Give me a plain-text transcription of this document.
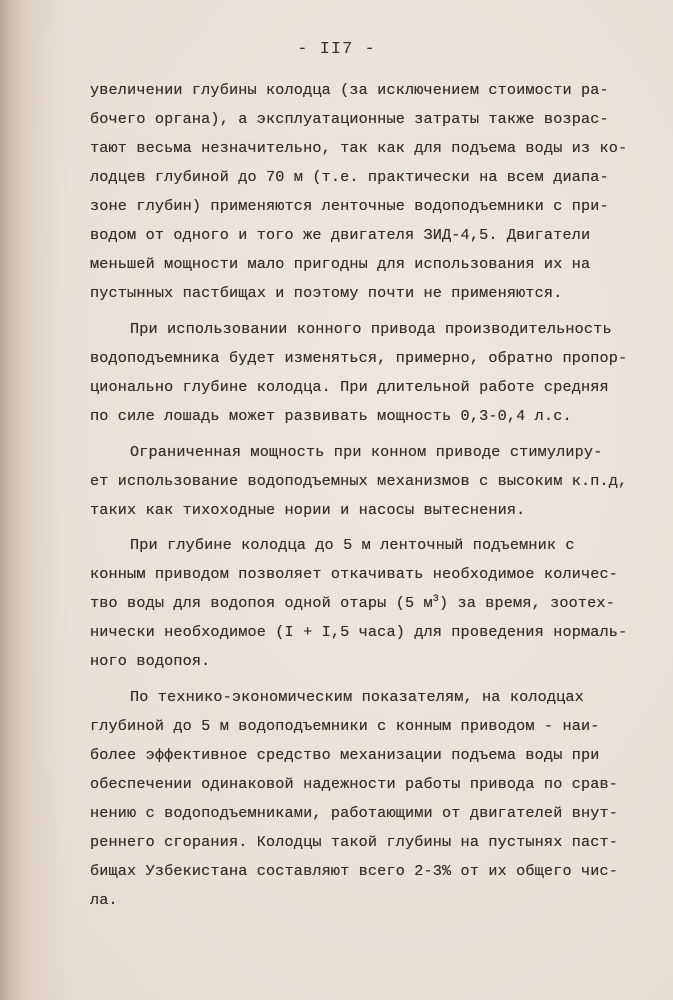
- II7 -
увеличении глубины колодца (за исключением стоимости ра-
бочего органа), а эксплуатационные затраты также возрас-
тают весьма незначительно, так как для подъема воды из ко-
лодцев глубиной до 70 м (т.е. практически на всем диапа-
зоне глубин) применяются ленточные водоподъемники с при-
водом от одного и того же двигателя ЗИД-4,5. Двигатели
меньшей мощности мало пригодны для использования их на
пустынных пастбищах и поэтому почти не применяются.
При использовании конного привода производительность
водоподъемника будет изменяться, примерно, обратно пропор-
ционально глубине колодца. При длительной работе средняя
по силе лошадь может развивать мощность 0,3-0,4 л.с.
Ограниченная мощность при конном приводе стимулиру-
ет использование водоподъемных механизмов с высоким к.п.д,
таких как тихоходные нории и насосы вытеснения.
При глубине колодца до 5 м ленточный подъемник с
конным приводом позволяет откачивать необходимое количес-
тво воды для водопоя одной отары (5 $м^3$) за время, зоотех-
нически необходимое (I + I,5 часа) для проведения нормаль-
ного водопоя.
По технико-экономическим показателям, на колодцах
глубиной до 5 м водоподъемники с конным приводом - наи-
более эффективное средство механизации подъема воды при
обеспечении одинаковой надежности работы привода по срав-
нению с водоподъемниками, работающими от двигателей внут-
реннего сгорания. Колодцы такой глубины на пустынях паст-
бищах Узбекистана составляют всего 2-3% от их общего чис-
ла.
